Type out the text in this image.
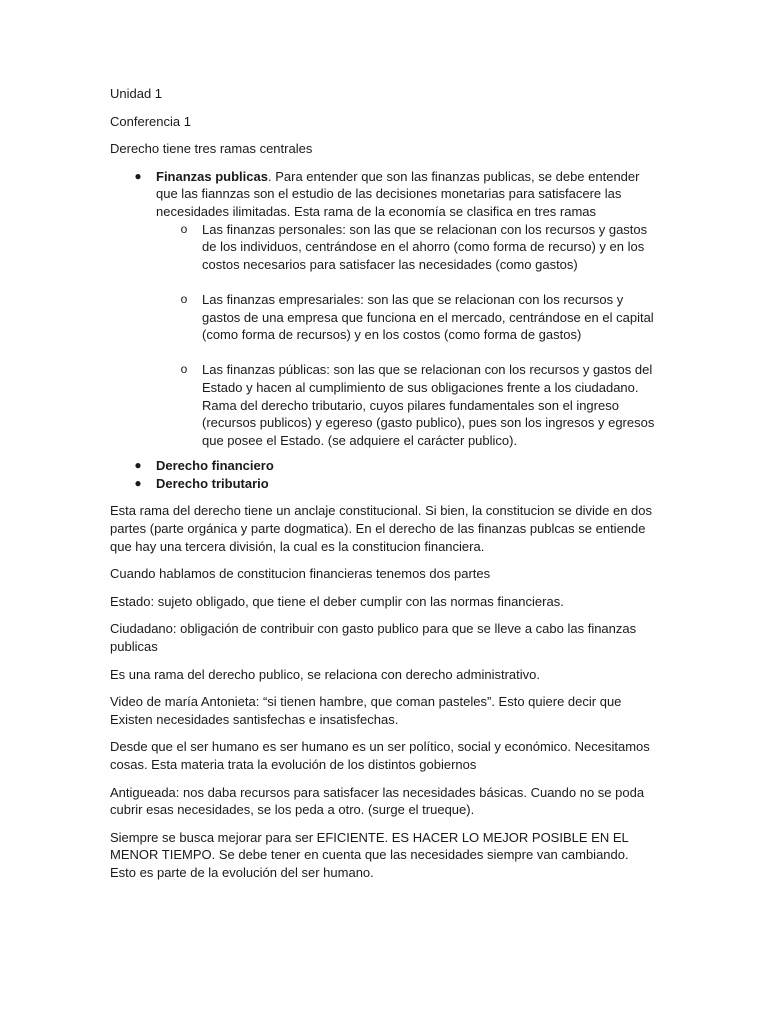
Unidad 1

Conferencia 1

Derecho tiene tres ramas centrales

● Finanzas publicas. Para entender que son las finanzas publicas, se debe entender que las fiannzas son el estudio de las decisiones monetarias para satisfacere las necesidades ilimitadas. Esta rama de la economía se clasifica en tres ramas
o Las finanzas personales: son las que se relacionan con los recursos y gastos de los individuos, centrándose en el ahorro (como forma de recurso) y en los costos necesarios para satisfacer las necesidades (como gastos)
o Las finanzas empresariales: son las que se relacionan con los recursos y gastos de una empresa que funciona en el mercado, centrándose en el capital (como forma de recursos) y en los costos (como forma de gastos)
o Las finanzas públicas: son las que se relacionan con los recursos y gastos del Estado y hacen al cumplimiento de sus obligaciones frente a los ciudadano. Rama del derecho tributario, cuyos pilares fundamentales son el ingreso (recursos publicos) y egereso (gasto publico), pues son los ingresos y egresos que posee el Estado. (se adquiere el carácter publico).
● Derecho financiero
● Derecho tributario

Esta rama del derecho tiene un anclaje constitucional. Si bien, la constitucion se divide en dos partes (parte orgánica y parte dogmatica). En el derecho de las finanzas publcas se entiende que hay una tercera división, la cual es la constitucion financiera.

Cuando hablamos de constitucion financieras tenemos dos partes

Estado: sujeto obligado, que tiene el deber cumplir con las normas financieras.

Ciudadano: obligación de contribuir con gasto publico para que se lleve a cabo las finanzas publicas

Es una rama del derecho publico, se relaciona con derecho administrativo.

Video de maría Antonieta: “si tienen hambre, que coman pasteles”. Esto quiere decir que Existen necesidades santisfechas e insatisfechas.

Desde que el ser humano es ser humano es un ser político, social y económico. Necesitamos cosas. Esta materia trata la evolución de los distintos gobiernos

Antigueada: nos daba recursos para satisfacer las necesidades básicas. Cuando no se poda cubrir esas necesidades, se los peda a otro. (surge el trueque).

Siempre se busca mejorar para ser EFICIENTE. ES HACER LO MEJOR POSIBLE EN EL MENOR TIEMPO. Se debe tener en cuenta que las necesidades siempre van cambiando. Esto es parte de la evolución del ser humano.
